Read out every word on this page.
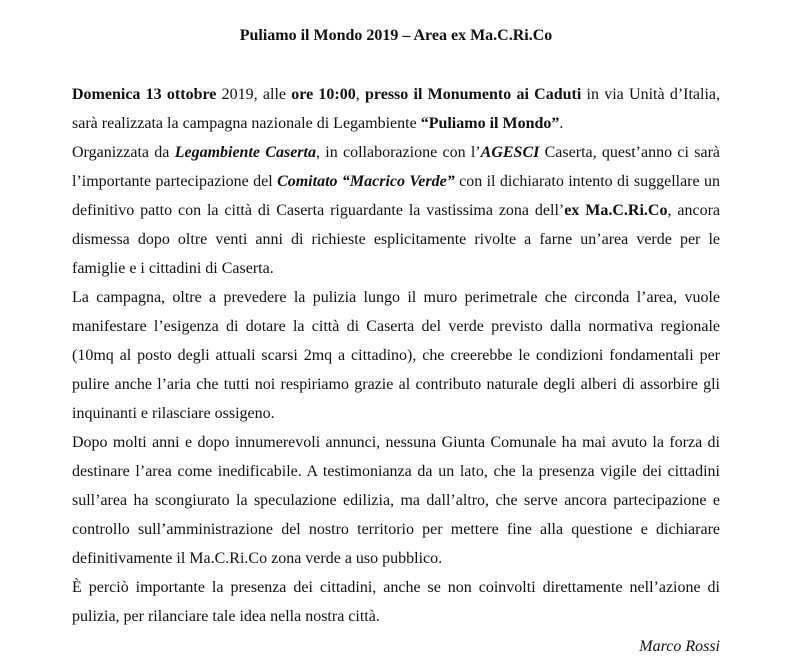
Puliamo il Mondo 2019 – Area ex Ma.C.Ri.Co

Domenica 13 ottobre 2019, alle ore 10:00, presso il Monumento ai Caduti in via Unità d’Italia, sarà realizzata la campagna nazionale di Legambiente “Puliamo il Mondo”.

Organizzata da Legambiente Caserta, in collaborazione con l’AGESCI Caserta, quest’anno ci sarà l’importante partecipazione del Comitato “Macrico Verde” con il dichiarato intento di suggellare un definitivo patto con la città di Caserta riguardante la vastissima zona dell’ex Ma.C.Ri.Co, ancora dismessa dopo oltre venti anni di richieste esplicitamente rivolte a farne un’area verde per le famiglie e i cittadini di Caserta.

La campagna, oltre a prevedere la pulizia lungo il muro perimetrale che circonda l’area, vuole manifestare l’esigenza di dotare la città di Caserta del verde previsto dalla normativa regionale (10mq al posto degli attuali scarsi 2mq a cittadino), che creerebbe le condizioni fondamentali per pulire anche l’aria che tutti noi respiriamo grazie al contributo naturale degli alberi di assorbire gli inquinanti e rilasciare ossigeno.

Dopo molti anni e dopo innumerevoli annunci, nessuna Giunta Comunale ha mai avuto la forza di destinare l’area come inedificabile. A testimonianza da un lato, che la presenza vigile dei cittadini sull’area ha scongiurato la speculazione edilizia, ma dall’altro, che serve ancora partecipazione e controllo sull’amministrazione del nostro territorio per mettere fine alla questione e dichiarare definitivamente il Ma.C.Ri.Co zona verde a uso pubblico.

È perciò importante la presenza dei cittadini, anche se non coinvolti direttamente nell’azione di pulizia, per rilanciare tale idea nella nostra città.

Marco Rossi
